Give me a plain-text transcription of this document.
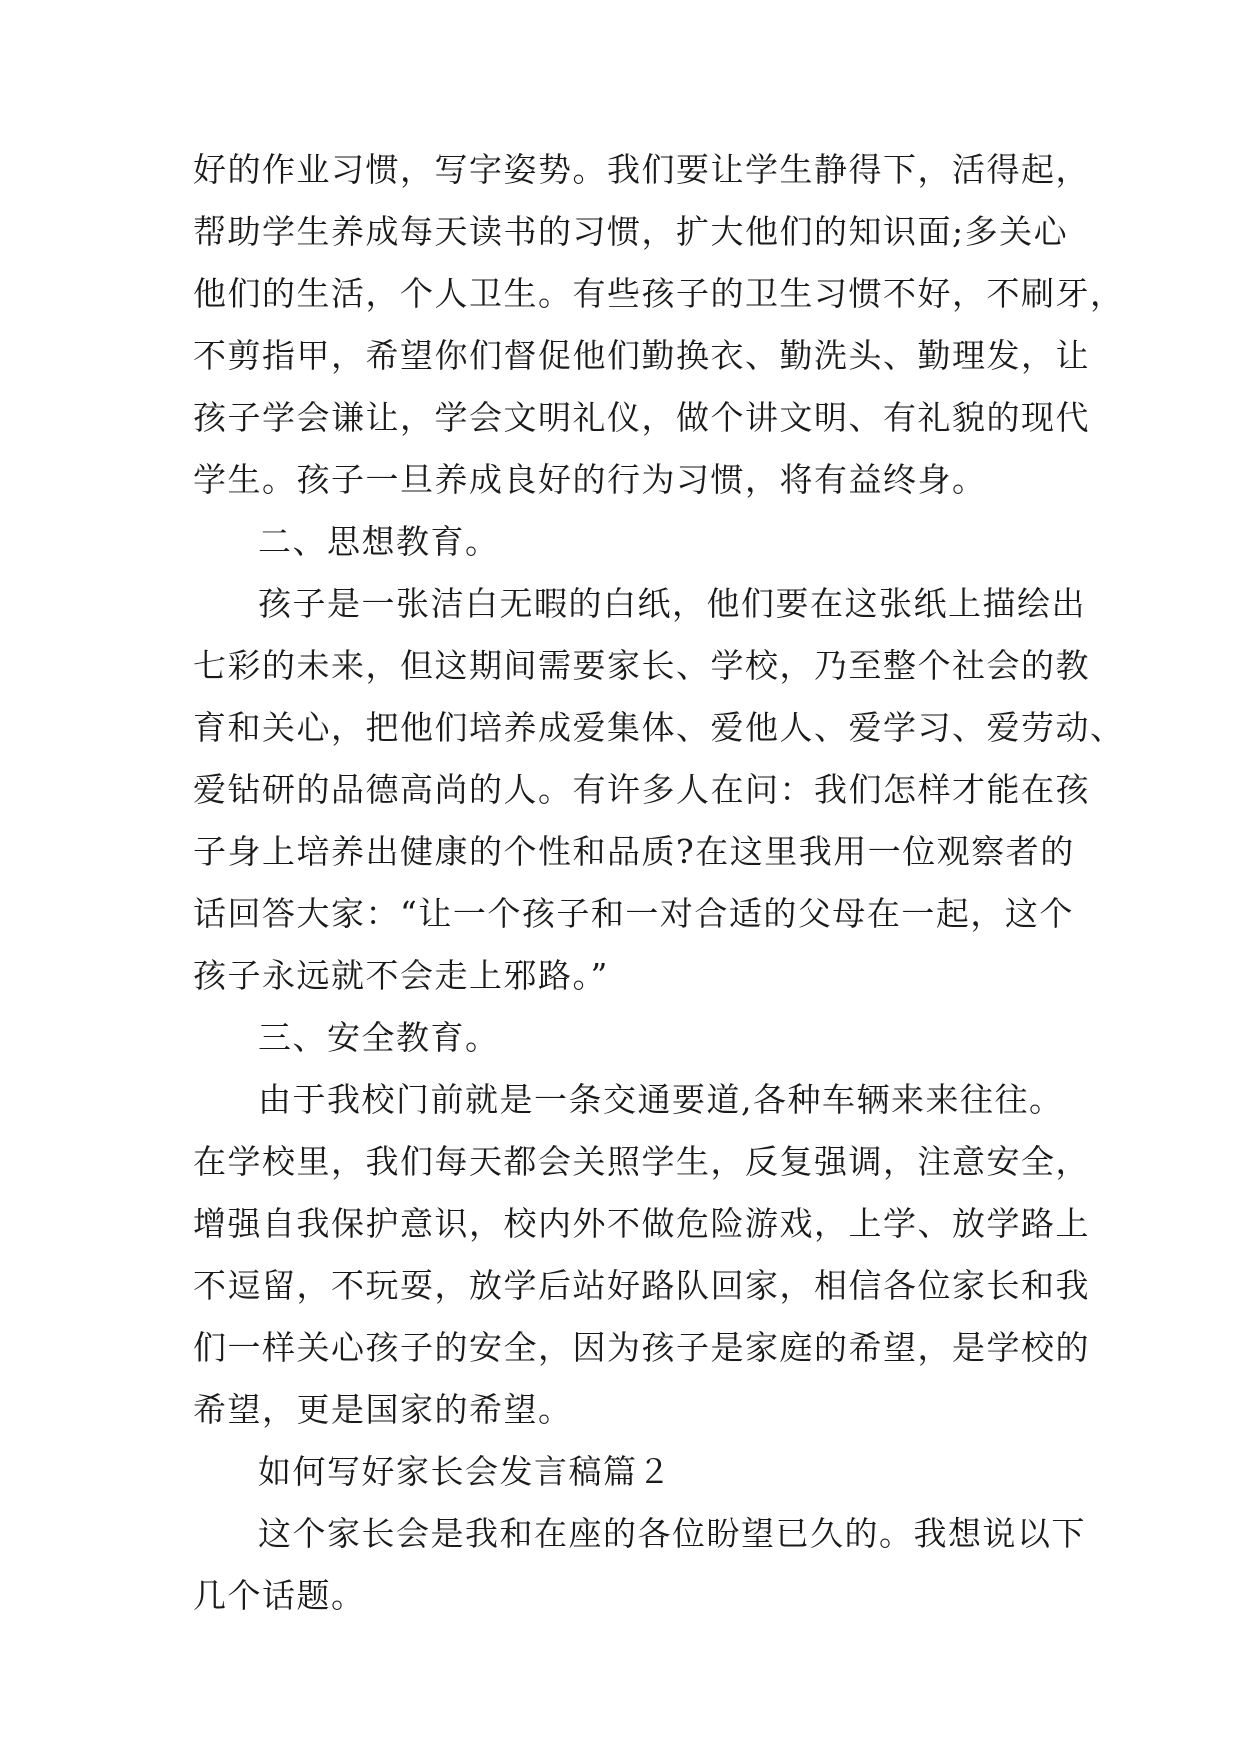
好的作业习惯，写字姿势。我们要让学生静得下，活得起，
帮助学生养成每天读书的习惯，扩大他们的知识面;多关心
他们的生活，个人卫生。有些孩子的卫生习惯不好，不刷牙，
不剪指甲，希望你们督促他们勤换衣、勤洗头、勤理发，让
孩子学会谦让，学会文明礼仪，做个讲文明、有礼貌的现代
学生。孩子一旦养成良好的行为习惯，将有益终身。
二、思想教育。
孩子是一张洁白无暇的白纸，他们要在这张纸上描绘出
七彩的未来，但这期间需要家长、学校，乃至整个社会的教
育和关心，把他们培养成爱集体、爱他人、爱学习、爱劳动、
爱钻研的品德高尚的人。有许多人在问：我们怎样才能在孩
子身上培养出健康的个性和品质?在这里我用一位观察者的
话回答大家：“让一个孩子和一对合适的父母在一起，这个
孩子永远就不会走上邪路。”
三、安全教育。
由于我校门前就是一条交通要道,各种车辆来来往往。
在学校里，我们每天都会关照学生，反复强调，注意安全，
增强自我保护意识，校内外不做危险游戏，上学、放学路上
不逗留，不玩耍，放学后站好路队回家，相信各位家长和我
们一样关心孩子的安全，因为孩子是家庭的希望，是学校的
希望，更是国家的希望。
如何写好家长会发言稿篇２
这个家长会是我和在座的各位盼望已久的。我想说以下
几个话题。
